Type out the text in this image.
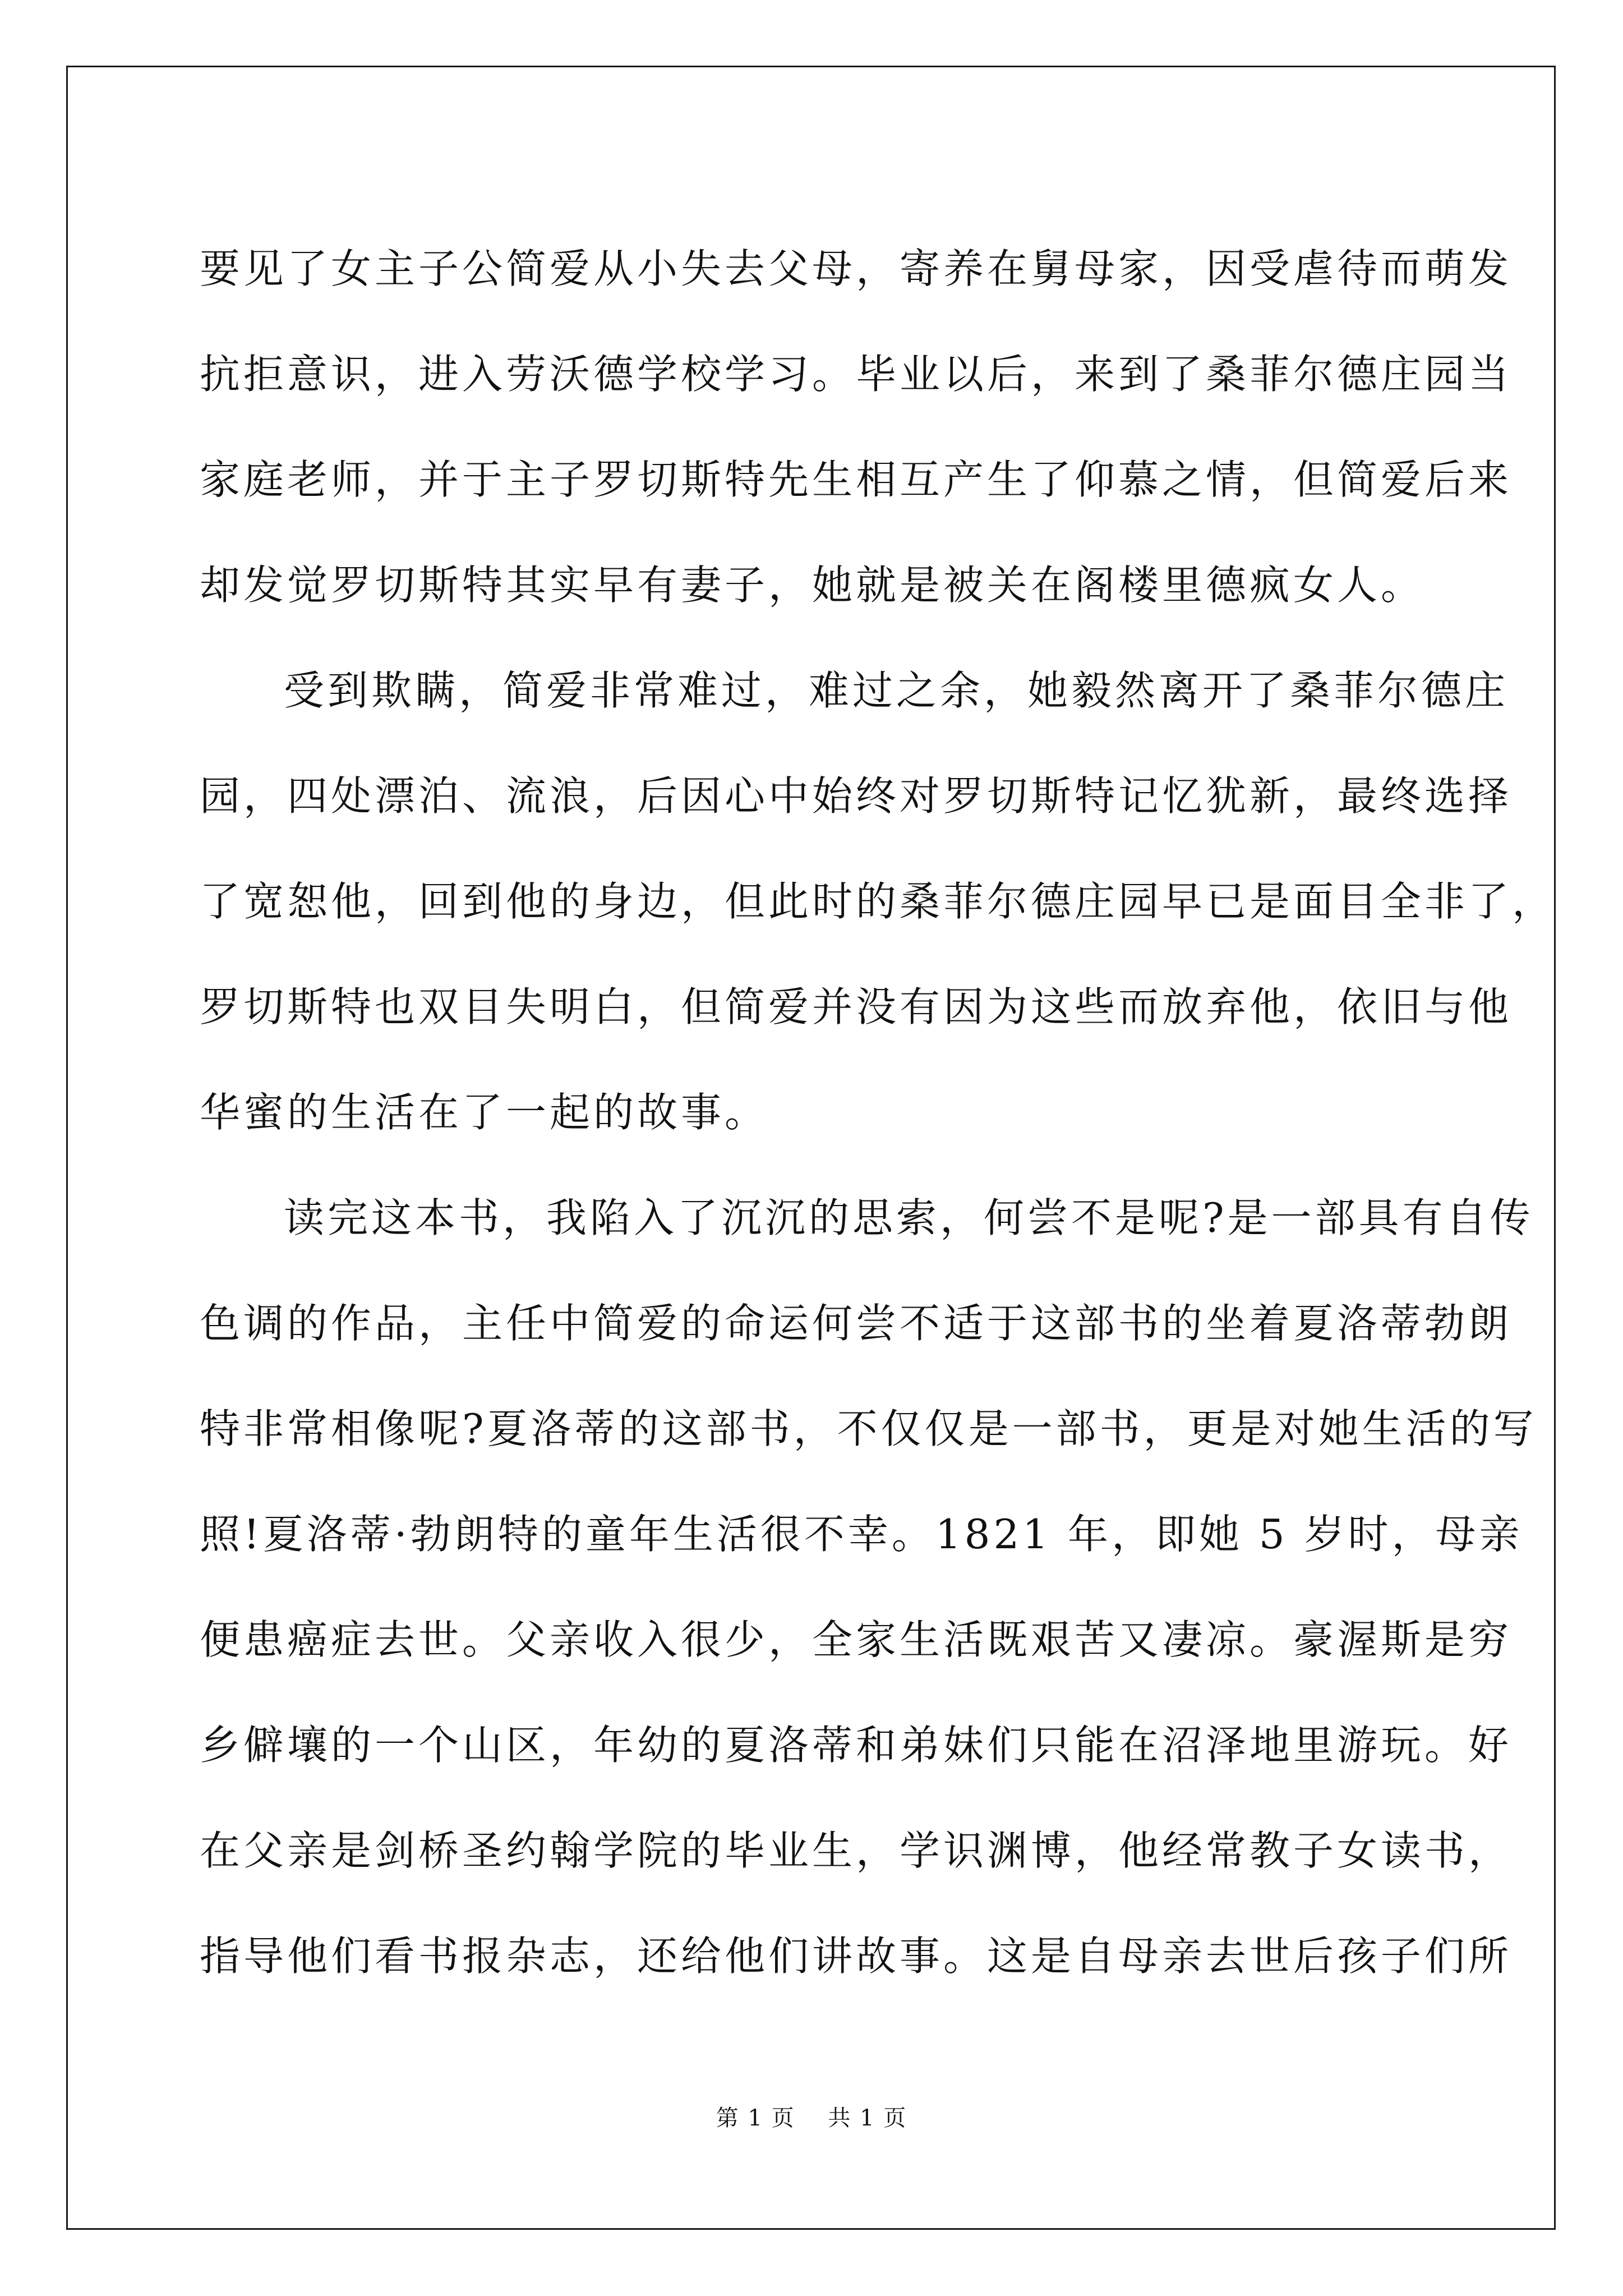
要见了女主子公简爱从小失去父母，寄养在舅母家，因受虐待而萌发
抗拒意识，进入劳沃德学校学习。毕业以后，来到了桑菲尔德庄园当
家庭老师，并于主子罗切斯特先生相互产生了仰慕之情，但简爱后来
却发觉罗切斯特其实早有妻子，她就是被关在阁楼里德疯女人。
受到欺瞒，简爱非常难过，难过之余，她毅然离开了桑菲尔德庄
园，四处漂泊、流浪，后因心中始终对罗切斯特记忆犹新，最终选择
了宽恕他，回到他的身边，但此时的桑菲尔德庄园早已是面目全非了，
罗切斯特也双目失明白，但简爱并没有因为这些而放弃他，依旧与他
华蜜的生活在了一起的故事。
读完这本书，我陷入了沉沉的思索，何尝不是呢?是一部具有自传
色调的作品，主任中简爱的命运何尝不适于这部书的坐着夏洛蒂勃朗
特非常相像呢?夏洛蒂的这部书，不仅仅是一部书，更是对她生活的写
照!夏洛蒂·勃朗特的童年生活很不幸。1821 年，即她 5 岁时，母亲
便患癌症去世。父亲收入很少，全家生活既艰苦又凄凉。豪渥斯是穷
乡僻壤的一个山区，年幼的夏洛蒂和弟妹们只能在沼泽地里游玩。好
在父亲是剑桥圣约翰学院的毕业生，学识渊博，他经常教子女读书，
指导他们看书报杂志，还给他们讲故事。这是自母亲去世后孩子们所
第 1 页 共 1 页
